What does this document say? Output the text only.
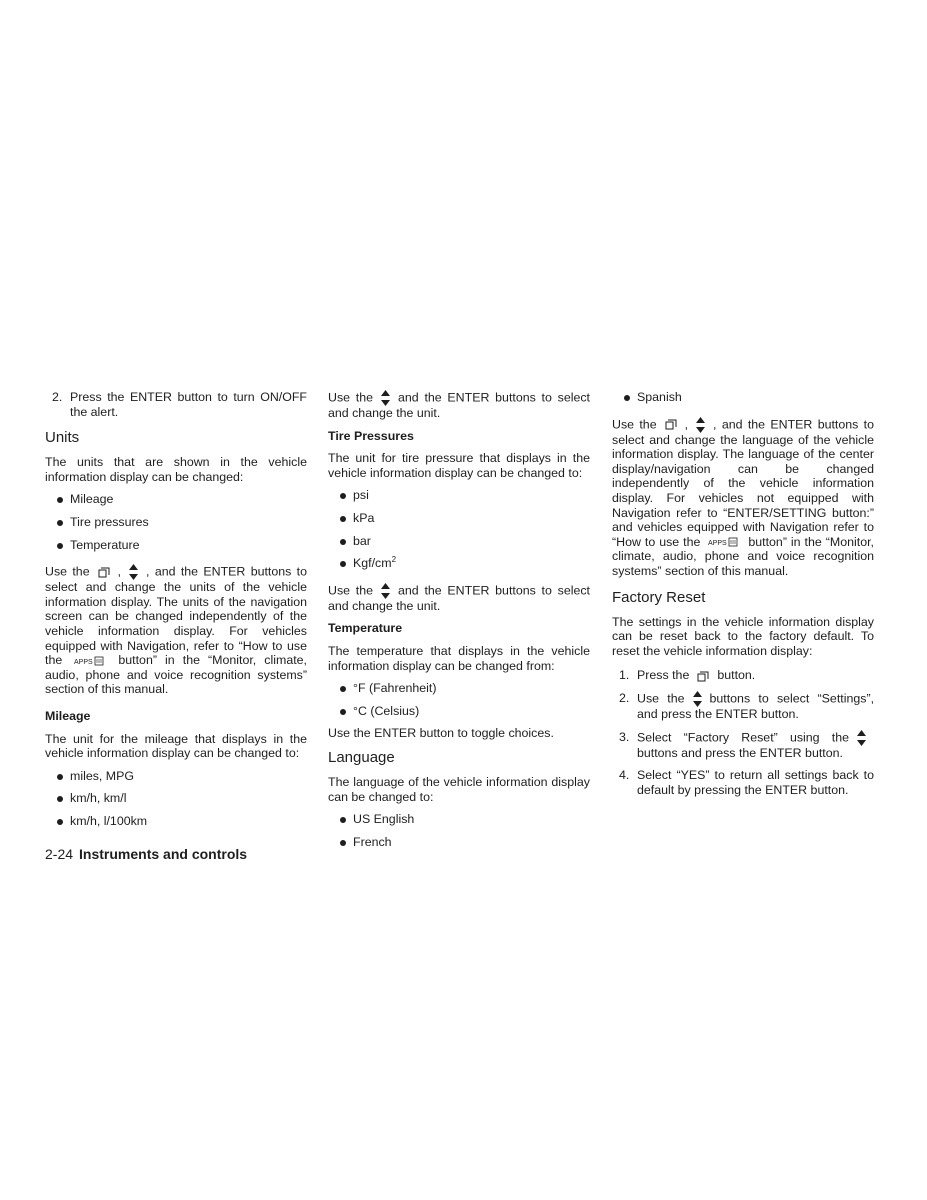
2. Press the ENTER button to turn ON/OFF the alert.
Units

The units that are shown in the vehicle information display can be changed:

Mileage
Tire pressures
Temperature

Use the , , and the ENTER buttons to select and change the units of the vehicle information display. The units of the navigation screen can be changed independently of the vehicle information display. For vehicles equipped with Navigation, refer to “How to use the APPS button” in the “Monitor, climate, audio, phone and voice recognition systems” section of this manual.

Mileage

The unit for the mileage that displays in the vehicle information display can be changed to:

miles, MPG
km/h, km/l
km/h, l/100km

Use the and the ENTER buttons to select and change the unit.

Tire Pressures

The unit for tire pressure that displays in the vehicle information display can be changed to:

psi
kPa
bar
Kgf/$cm^2$

Use the and the ENTER buttons to select and change the unit.

Temperature

The temperature that displays in the vehicle information display can be changed from:

°F (Fahrenheit)
°C (Celsius)

Use the ENTER button to toggle choices.

Language

The language of the vehicle information display can be changed to:

US English
French
Spanish

Use the , , and the ENTER buttons to select and change the language of the vehicle information display. The language of the center display/navigation can be changed independently of the vehicle information display. For vehicles not equipped with Navigation refer to “ENTER/SETTING button:” and vehicles equipped with Navigation refer to “How to use the APPS button” in the “Monitor, climate, audio, phone and voice recognition systems” section of this manual.

Factory Reset

The settings in the vehicle information display can be reset back to the factory default. To reset the vehicle information display:

1. Press the button.
2. Use the buttons to select “Settings”, and press the ENTER button.
3. Select “Factory Reset” using the
buttons and press the ENTER button.
4. Select “YES” to return all settings back to default by pressing the ENTER button.
2-24 Instruments and controls
